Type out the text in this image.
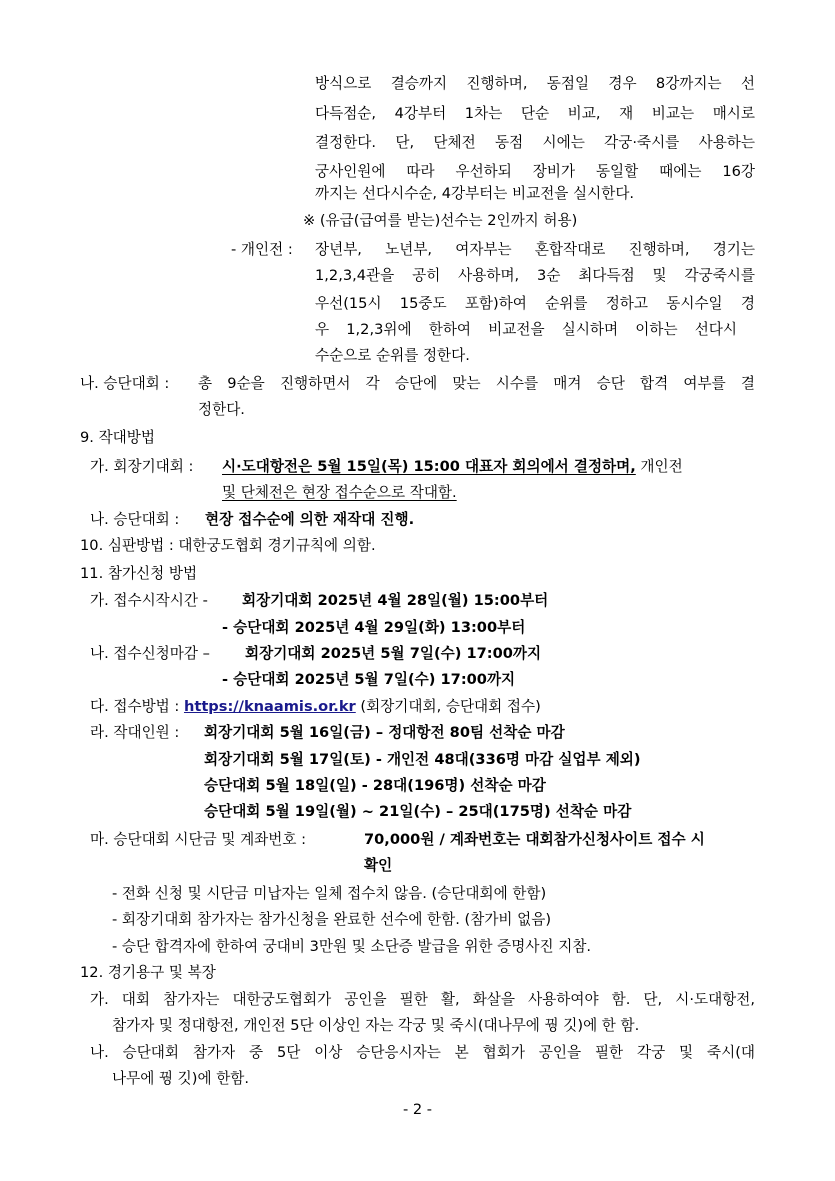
방식으로 결승까지 진행하며, 동점일 경우 8강까지는 선
다득점순, 4강부터 1차는 단순 비교, 재 비교는 매시로
결정한다. 단, 단체전 동점 시에는 각궁·죽시를 사용하는
궁사인원에 따라 우선하되 장비가 동일할 때에는 16강
까지는 선다시수순, 4강부터는 비교전을 실시한다.
※ (유급(급여를 받는)선수는 2인까지 허용)
- 개인전 : 장년부, 노년부, 여자부는 혼합작대로 진행하며, 경기는
1,2,3,4관을 공히 사용하며, 3순 최다득점 및 각궁죽시를
우선(15시 15중도 포함)하여 순위를 정하고 동시수일 경
우 1,2,3위에 한하여 비교전을 실시하며 이하는 선다시
수순으로 순위를 정한다.
나. 승단대회 : 총 9순을 진행하면서 각 승단에 맞는 시수를 매겨 승단 합격 여부를 결
정한다.
9. 작대방법
가. 회장기대회 : 시·도대항전은 5월 15일(목) 15:00 대표자 회의에서 결정하며, 개인전
및 단체전은 현장 접수순으로 작대함.
나. 승단대회 : 현장 접수순에 의한 재작대 진행.
10. 심판방법 : 대한궁도협회 경기규칙에 의함.
11. 참가신청 방법
가. 접수시작시간 - 회장기대회 2025년 4월 28일(월) 15:00부터
- 승단대회 2025년 4월 29일(화) 13:00부터
나. 접수신청마감 – 회장기대회 2025년 5월 7일(수) 17:00까지
- 승단대회 2025년 5월 7일(수) 17:00까지
다. 접수방법 : https://knaamis.or.kr (회장기대회, 승단대회 접수)
라. 작대인원 : 회장기대회 5월 16일(금) – 정대항전 80팀 선착순 마감
회장기대회 5월 17일(토) - 개인전 48대(336명 마감 실업부 제외)
승단대회 5월 18일(일) - 28대(196명) 선착순 마감
승단대회 5월 19일(월) ~ 21일(수) – 25대(175명) 선착순 마감
마. 승단대회 시단금 및 계좌번호 :	70,000원 / 계좌번호는 대회참가신청사이트 접수 시
확인
- 전화 신청 및 시단금 미납자는 일체 접수치 않음. (승단대회에 한함)
- 회장기대회 참가자는 참가신청을 완료한 선수에 한함. (참가비 없음)
- 승단 합격자에 한하여 궁대비 3만원 및 소단증 발급을 위한 증명사진 지참.
12. 경기용구 및 복장
가. 대회 참가자는 대한궁도협회가 공인을 필한 활, 화살을 사용하여야 함. 단, 시·도대항전,
참가자 및 정대항전, 개인전 5단 이상인 자는 각궁 및 죽시(대나무에 꿩 깃)에 한 함.
나. 승단대회 참가자 중 5단 이상 승단응시자는 본 협회가 공인을 필한 각궁 및 죽시(대
나무에 꿩 깃)에 한함.
- 2 -
